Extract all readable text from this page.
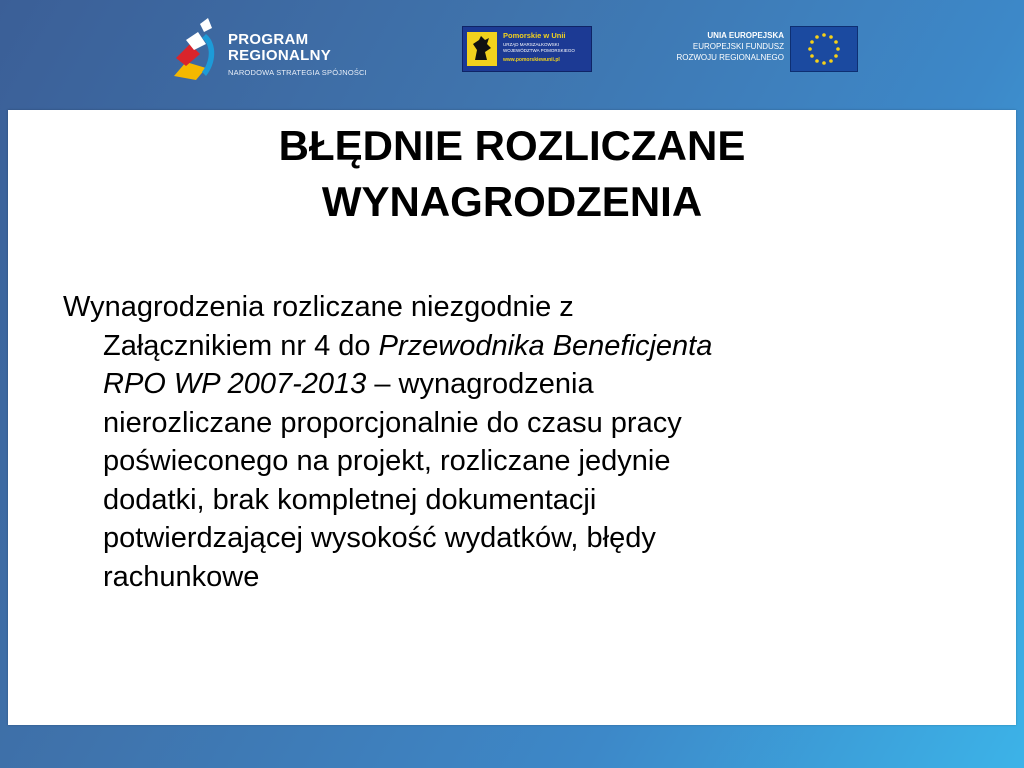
PROGRAM
REGIONALNY
NARODOWA STRATEGIA SPÓJNOŚCI
Pomorskie w Unii
URZĄD MARSZAŁKOWSKI
WOJEWÓDZTWA POMORSKIEGO
www.pomorskiewunii.pl
UNIA EUROPEJSKA
EUROPEJSKI FUNDUSZ
ROZWOJU REGIONALNEGO
BŁĘDNIE ROZLICZANE
WYNAGRODZENIA
Wynagrodzenia rozliczane niezgodnie z
Załącznikiem nr 4 do Przewodnika Beneficjenta
RPO WP 2007-2013 – wynagrodzenia
nierozliczane proporcjonalnie do czasu pracy
poświeconego na projekt, rozliczane jedynie
dodatki, brak kompletnej dokumentacji
potwierdzającej wysokość wydatków, błędy
rachunkowe
